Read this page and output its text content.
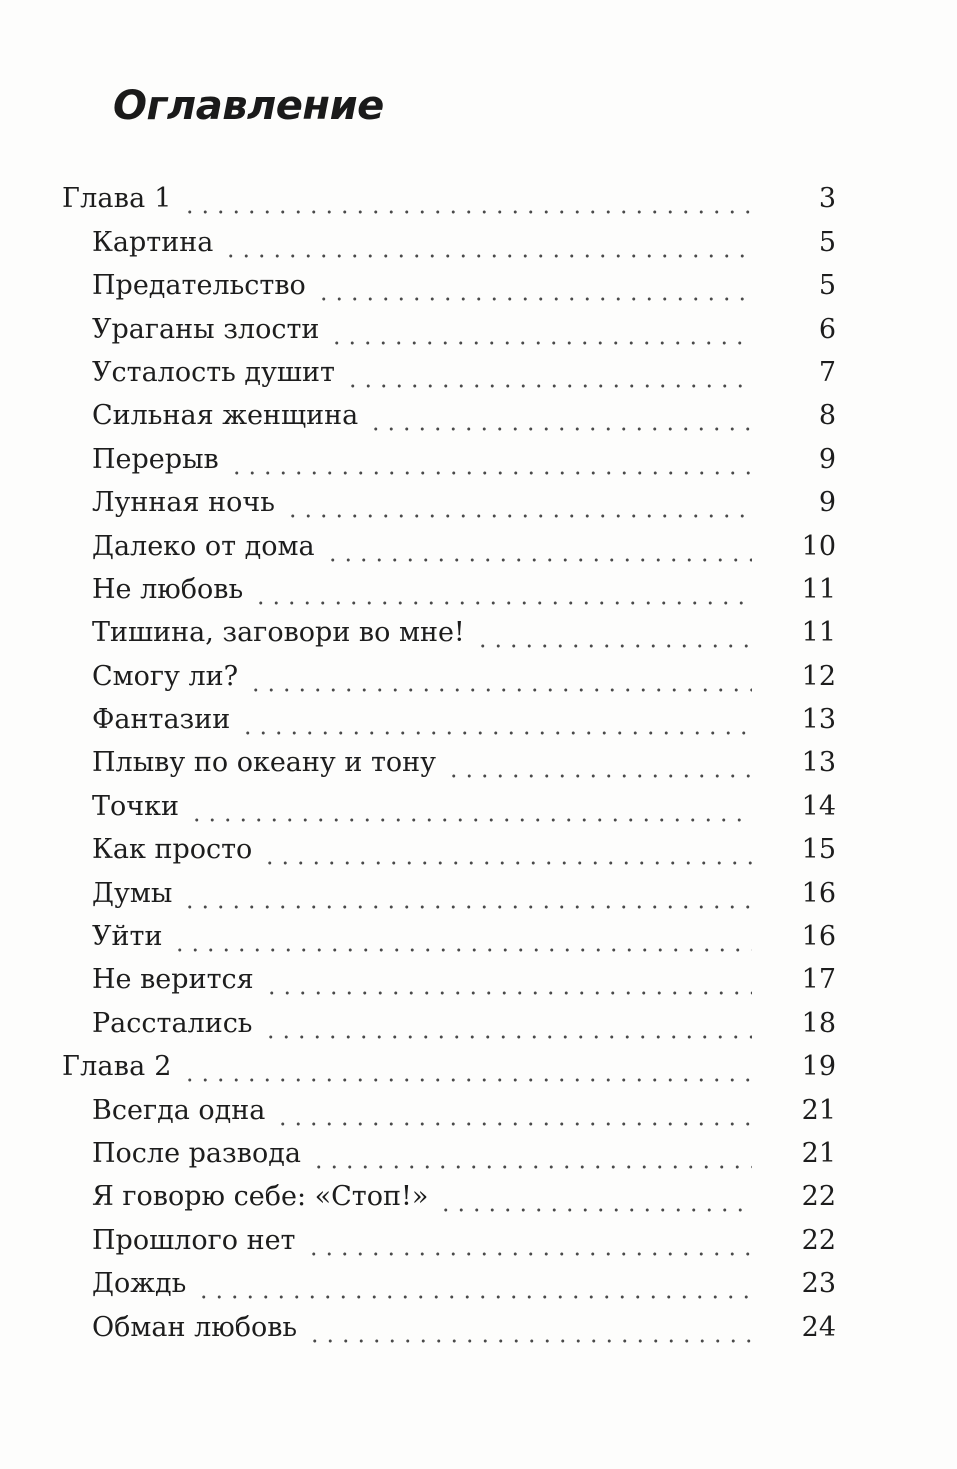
Оглавление
Глава 1	3
Картина	5
Предательство	5
Ураганы злости	6
Усталость душит	7
Сильная женщина	8
Перерыв	9
Лунная ночь	9
Далеко от дома	10
Не любовь	11
Тишина, заговори во мне!	11
Смогу ли?	12
Фантазии	13
Плыву по океану и тону	13
Точки	14
Как просто	15
Думы	16
Уйти	16
Не верится	17
Расстались	18
Глава 2	19
Всегда одна	21
После развода	21
Я говорю себе: «Стоп!»	22
Прошлого нет	22
Дождь	23
Обман любовь	24
